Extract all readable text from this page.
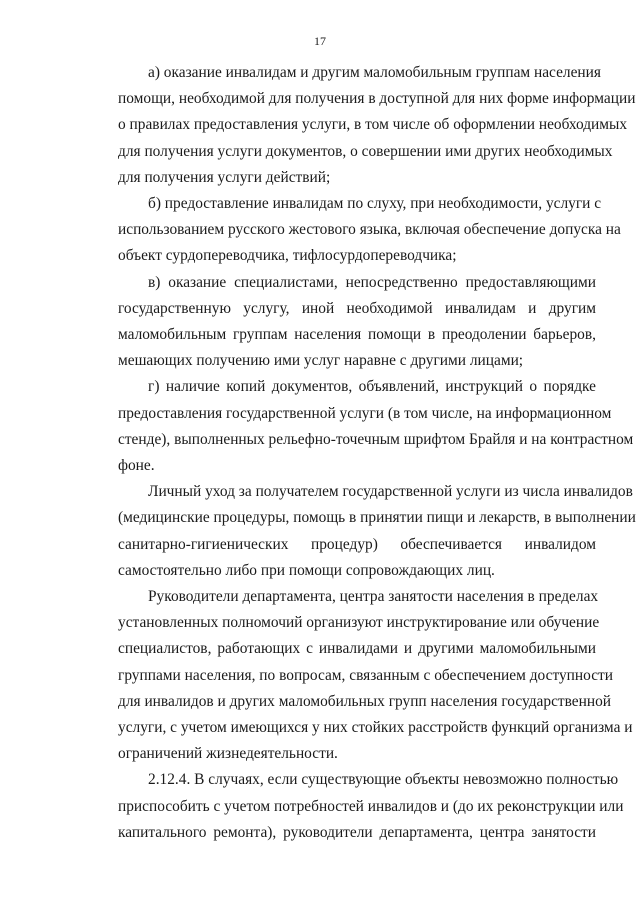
17
а) оказание инвалидам и другим маломобильным группам населения
помощи, необходимой для получения в доступной для них форме информации
о правилах предоставления услуги, в том числе об оформлении необходимых
для получения услуги документов, о совершении ими других необходимых
для получения услуги действий;
б) предоставление инвалидам по слуху, при необходимости, услуги с
использованием русского жестового языка, включая обеспечение допуска на
объект сурдопереводчика, тифлосурдопереводчика;
в) оказание специалистами, непосредственно предоставляющими
государственную услугу, иной необходимой инвалидам и другим
маломобильным группам населения помощи в преодолении барьеров,
мешающих получению ими услуг наравне с другими лицами;
г) наличие копий документов, объявлений, инструкций о порядке
предоставления государственной услуги (в том числе, на информационном
стенде), выполненных рельефно-точечным шрифтом Брайля и на контрастном
фоне.
Личный уход за получателем государственной услуги из числа инвалидов
(медицинские процедуры, помощь в принятии пищи и лекарств, в выполнении
санитарно-гигиенических процедур) обеспечивается инвалидом
самостоятельно либо при помощи сопровождающих лиц.
Руководители департамента, центра занятости населения в пределах
установленных полномочий организуют инструктирование или обучение
специалистов, работающих с инвалидами и другими маломобильными
группами населения, по вопросам, связанным с обеспечением доступности
для инвалидов и других маломобильных групп населения государственной
услуги, с учетом имеющихся у них стойких расстройств функций организма и
ограничений жизнедеятельности.
2.12.4. В случаях, если существующие объекты невозможно полностью
приспособить с учетом потребностей инвалидов и (до их реконструкции или
капитального ремонта), руководители департамента, центра занятости
